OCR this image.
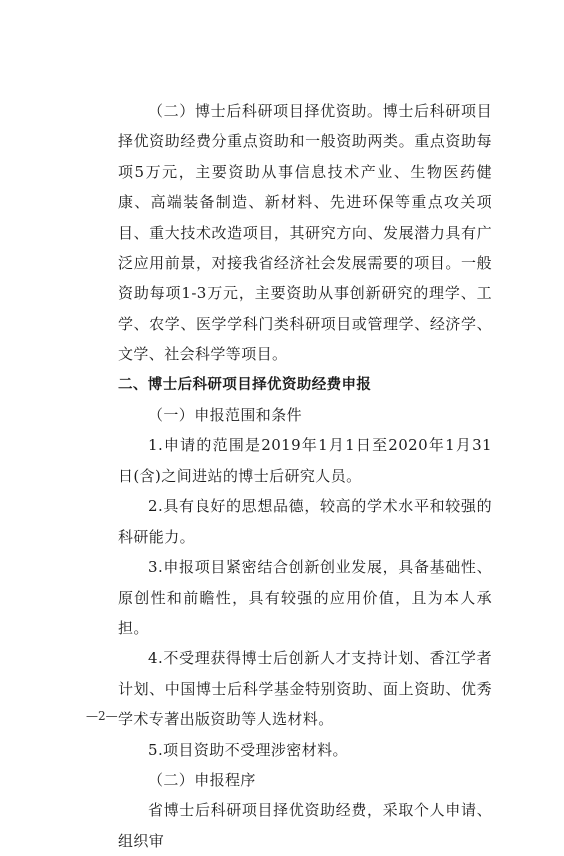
（二）博士后科研项目择优资助。博士后科研项目择优资助经费分重点资助和一般资助两类。重点资助每项5万元，主要资助从事信息技术产业、生物医药健康、高端装备制造、新材料、先进环保等重点攻关项目、重大技术改造项目，其研究方向、发展潜力具有广泛应用前景，对接我省经济社会发展需要的项目。一般资助每项1-3万元，主要资助从事创新研究的理学、工学、农学、医学学科门类科研项目或管理学、经济学、文学、社会科学等项目。

二、博士后科研项目择优资助经费申报

（一）申报范围和条件

1.申请的范围是2019年1月1日至2020年1月31日(含)之间进站的博士后研究人员。

2.具有良好的思想品德，较高的学术水平和较强的科研能力。

3.申报项目紧密结合创新创业发展，具备基础性、原创性和前瞻性，具有较强的应用价值，且为本人承担。

4.不受理获得博士后创新人才支持计划、香江学者计划、中国博士后科学基金特别资助、面上资助、优秀学术专著出版资助等人选材料。

5.项目资助不受理涉密材料。

（二）申报程序

省博士后科研项目择优资助经费，采取个人申请、组织审

—2—
